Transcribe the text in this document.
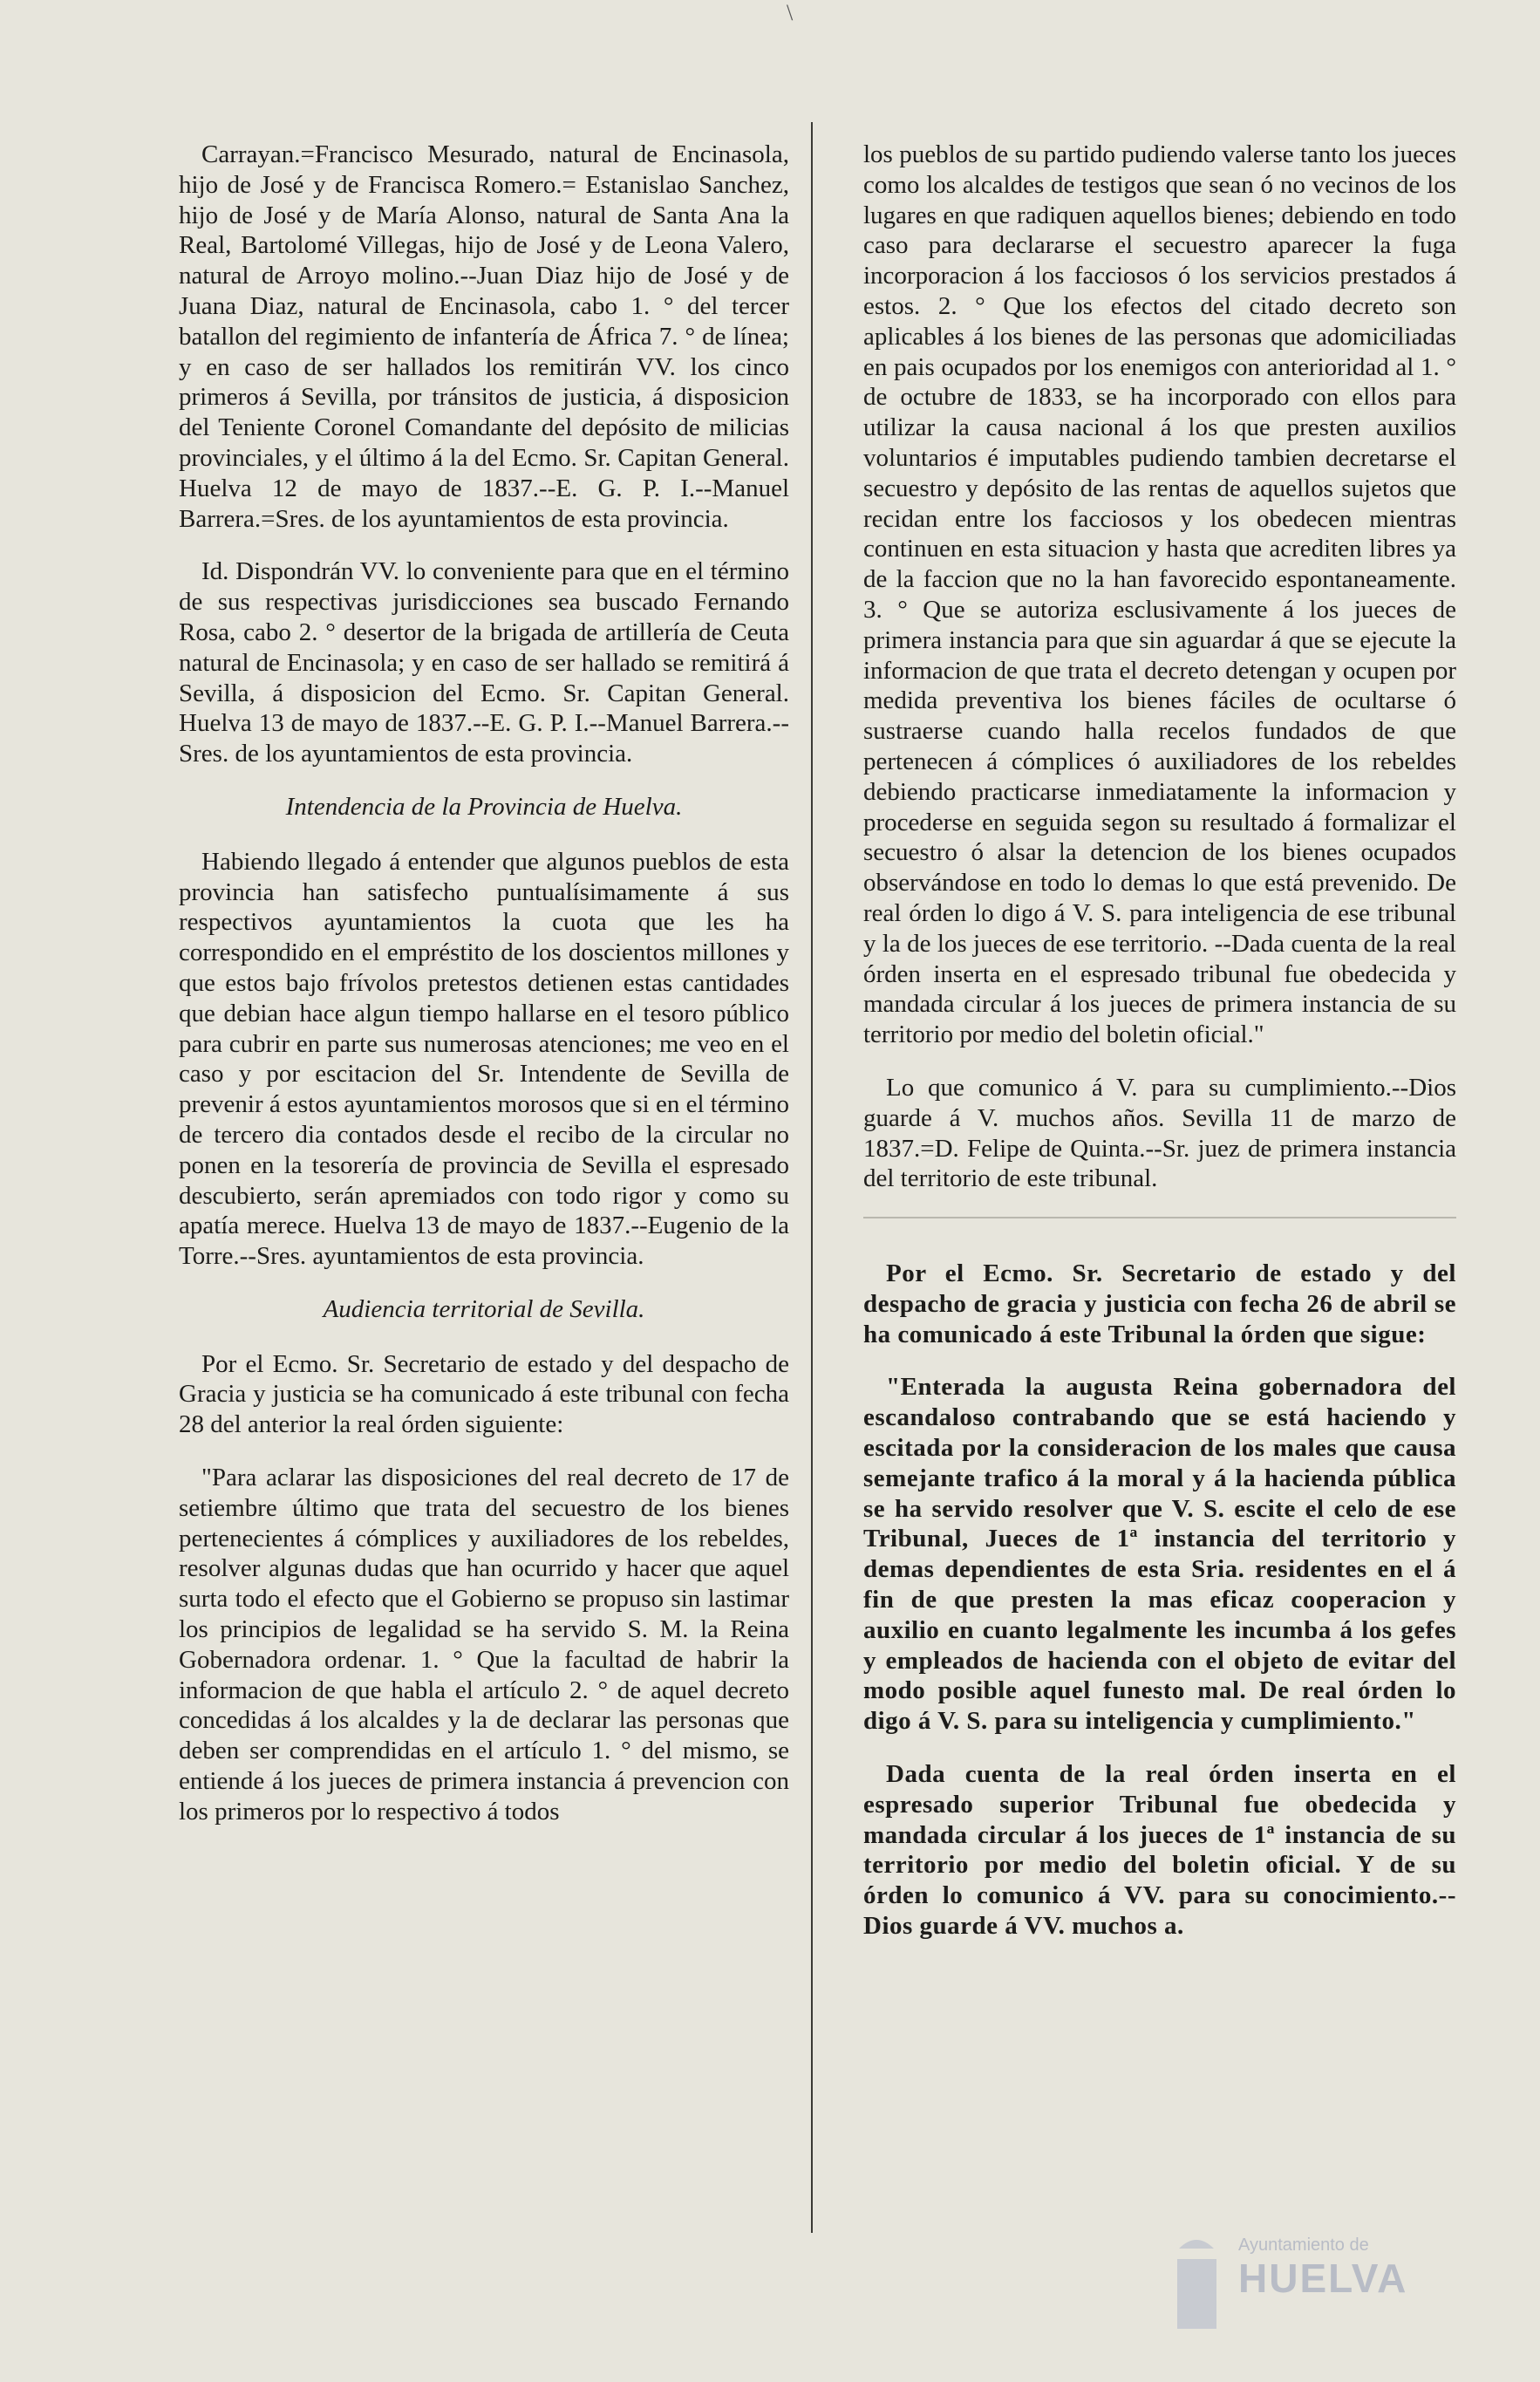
\

Carrayan.=Francisco Mesurado, natural de Encinasola, hijo de José y de Francisca Romero.= Estanislao Sanchez, hijo de José y de María Alonso, natural de Santa Ana la Real, Bartolomé Villegas, hijo de José y de Leona Valero, natural de Arroyo molino.--Juan Diaz hijo de José y de Juana Diaz, natural de Encinasola, cabo 1. ° del tercer batallon del regimiento de infantería de África 7. ° de línea; y en caso de ser hallados los remitirán VV. los cinco primeros á Sevilla, por tránsitos de justicia, á disposicion del Teniente Coronel Comandante del depósito de milicias provinciales, y el último á la del Ecmo. Sr. Capitan General. Huelva 12 de mayo de 1837.--E. G. P. I.--Manuel Barrera.=Sres. de los ayuntamientos de esta provincia.

Id. Dispondrán VV. lo conveniente para que en el término de sus respectivas jurisdicciones sea buscado Fernando Rosa, cabo 2. ° desertor de la brigada de artillería de Ceuta natural de Encinasola; y en caso de ser hallado se remitirá á Sevilla, á disposicion del Ecmo. Sr. Capitan General. Huelva 13 de mayo de 1837.--E. G. P. I.--Manuel Barrera.--Sres. de los ayuntamientos de esta provincia.

Intendencia de la Provincia de Huelva.

Habiendo llegado á entender que algunos pueblos de esta provincia han satisfecho puntualísimamente á sus respectivos ayuntamientos la cuota que les ha correspondido en el empréstito de los doscientos millones y que estos bajo frívolos pretestos detienen estas cantidades que debian hace algun tiempo hallarse en el tesoro público para cubrir en parte sus numerosas atenciones; me veo en el caso y por escitacion del Sr. Intendente de Sevilla de prevenir á estos ayuntamientos morosos que si en el término de tercero dia contados desde el recibo de la circular no ponen en la tesorería de provincia de Sevilla el espresado descubierto, serán apremiados con todo rigor y como su apatía merece. Huelva 13 de mayo de 1837.--Eugenio de la Torre.--Sres. ayuntamientos de esta provincia.

Audiencia territorial de Sevilla.

Por el Ecmo. Sr. Secretario de estado y del despacho de Gracia y justicia se ha comunicado á este tribunal con fecha 28 del anterior la real órden siguiente:

"Para aclarar las disposiciones del real decreto de 17 de setiembre último que trata del secuestro de los bienes pertenecientes á cómplices y auxiliadores de los rebeldes, resolver algunas dudas que han ocurrido y hacer que aquel surta todo el efecto que el Gobierno se propuso sin lastimar los principios de legalidad se ha servido S. M. la Reina Gobernadora ordenar. 1. ° Que la facultad de habrir la informacion de que habla el artículo 2. ° de aquel decreto concedidas á los alcaldes y la de declarar las personas que deben ser comprendidas en el artículo 1. ° del mismo, se entiende á los jueces de primera instancia á prevencion con los primeros por lo respectivo á todos

los pueblos de su partido pudiendo valerse tanto los jueces como los alcaldes de testigos que sean ó no vecinos de los lugares en que radiquen aquellos bienes; debiendo en todo caso para declararse el secuestro aparecer la fuga incorporacion á los facciosos ó los servicios prestados á estos. 2. ° Que los efectos del citado decreto son aplicables á los bienes de las personas que adomiciliadas en pais ocupados por los enemigos con anterioridad al 1. ° de octubre de 1833, se ha incorporado con ellos para utilizar la causa nacional á los que presten auxilios voluntarios é imputables pudiendo tambien decretarse el secuestro y depósito de las rentas de aquellos sujetos que recidan entre los facciosos y los obedecen mientras continuen en esta situacion y hasta que acrediten libres ya de la faccion que no la han favorecido espontaneamente. 3. ° Que se autoriza esclusivamente á los jueces de primera instancia para que sin aguardar á que se ejecute la informacion de que trata el decreto detengan y ocupen por medida preventiva los bienes fáciles de ocultarse ó sustraerse cuando halla recelos fundados de que pertenecen á cómplices ó auxiliadores de los rebeldes debiendo practicarse inmediatamente la informacion y procederse en seguida segon su resultado á formalizar el secuestro ó alsar la detencion de los bienes ocupados observándose en todo lo demas lo que está prevenido. De real órden lo digo á V. S. para inteligencia de ese tribunal y la de los jueces de ese territorio. --Dada cuenta de la real órden inserta en el espresado tribunal fue obedecida y mandada circular á los jueces de primera instancia de su territorio por medio del boletin oficial."

Lo que comunico á V. para su cumplimiento.--Dios guarde á V. muchos años. Sevilla 11 de marzo de 1837.=D. Felipe de Quinta.--Sr. juez de primera instancia del territorio de este tribunal.

Por el Ecmo. Sr. Secretario de estado y del despacho de gracia y justicia con fecha 26 de abril se ha comunicado á este Tribunal la órden que sigue:

"Enterada la augusta Reina gobernadora del escandaloso contrabando que se está haciendo y escitada por la consideracion de los males que causa semejante trafico á la moral y á la hacienda pública se ha servido resolver que V. S. escite el celo de ese Tribunal, Jueces de 1ª instancia del territorio y demas dependientes de esta Sria. residentes en el á fin de que presten la mas eficaz cooperacion y auxilio en cuanto legalmente les incumba á los gefes y empleados de hacienda con el objeto de evitar del modo posible aquel funesto mal. De real órden lo digo á V. S. para su inteligencia y cumplimiento."

Dada cuenta de la real órden inserta en el espresado superior Tribunal fue obedecida y mandada circular á los jueces de 1ª instancia de su territorio por medio del boletin oficial. Y de su órden lo comunico á VV. para su conocimiento.--Dios guarde á VV. muchos a.

Ayuntamiento de
HUELVA
